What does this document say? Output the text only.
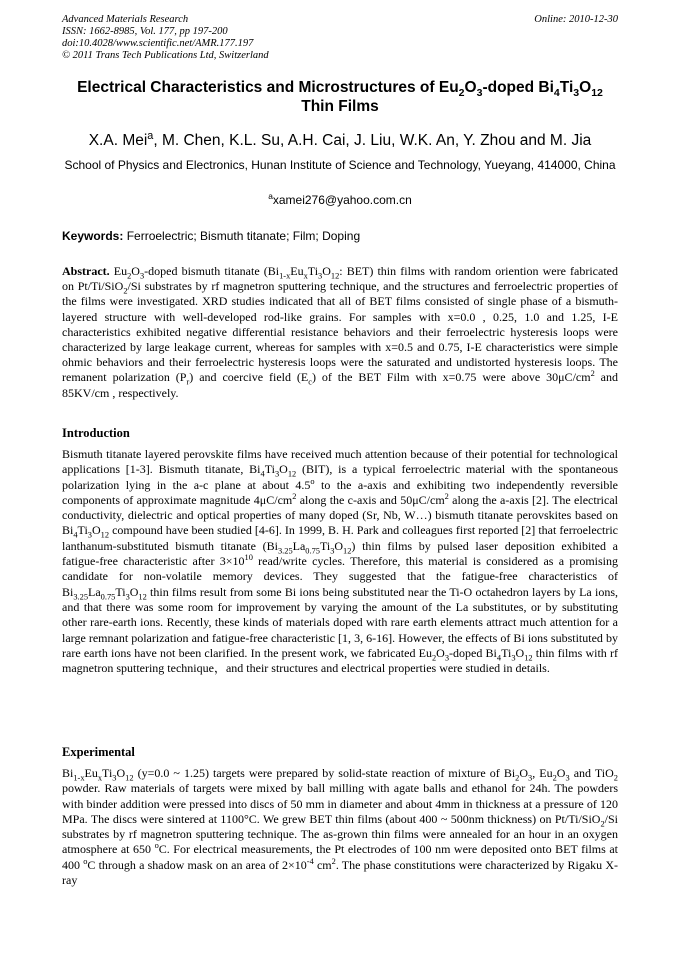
Advanced Materials Research
ISSN: 1662-8985, Vol. 177, pp 197-200
doi:10.4028/www.scientific.net/AMR.177.197
© 2011 Trans Tech Publications Ltd, Switzerland
Online: 2010-12-30
Electrical Characteristics and Microstructures of $Eu_2O_3$-doped $Bi_4Ti_3O_{12}$
Thin Films
X.A. Mei$^a$, M. Chen, K.L. Su, A.H. Cai, J. Liu, W.K. An, Y. Zhou and M. Jia
School of Physics and Electronics, Hunan Institute of Science and Technology, Yueyang, 414000, China
$^a$xamei276@yahoo.com.cn
Keywords: Ferroelectric; Bismuth titanate; Film; Doping
Abstract. $Eu_2O_3$-doped bismuth titanate ($Bi_{1-x}Eu_xTi_3O_{12}$: BET) thin films with random oriention were fabricated on Pt/Ti/SiO$_2$/Si substrates by rf magnetron sputtering technique, and the structures and ferroelectric properties of the films were investigated. XRD studies indicated that all of BET films consisted of single phase of a bismuth-layered structure with well-developed rod-like grains. For samples with x=0.0 , 0.25, 1.0 and 1.25, I-E characteristics exhibited negative differential resistance behaviors and their ferroelectric hysteresis loops were characterized by large leakage current, whereas for samples with x=0.5 and 0.75, I-E characteristics were simple ohmic behaviors and their ferroelectric hysteresis loops were the saturated and undistorted hysteresis loops. The remanent polarization $(P_r)$ and coercive field $(E_c)$ of the BET Film with x=0.75 were above $30\mu C/cm^2$ and 85KV/cm , respectively.
Introduction
Bismuth titanate layered perovskite films have received much attention because of their potential for technological applications [1-3]. Bismuth titanate, $Bi_4Ti_3O_{12}$ (BIT), is a typical ferroelectric material with the spontaneous polarization lying in the a-c plane at about 4.5$^o$ to the a-axis and exhibiting two independently reversible components of approximate magnitude $4\mu C/cm^2$ along the c-axis and $50\mu C/cm^2$ along the a-axis [2]. The electrical conductivity, dielectric and optical properties of many doped (Sr, Nb, W…) bismuth titanate perovskites based on $Bi_4Ti_3O_{12}$ compound have been studied [4-6]. In 1999, B. H. Park and colleagues first reported [2] that ferroelectric lanthanum-substituted bismuth titanate $(Bi_{3.25}La_{0.75}Ti_3O_{12})$ thin films by pulsed laser deposition exhibited a fatigue-free characteristic after $3\times 10^{10}$ read/write cycles. Therefore, this material is considered as a promising candidate for non-volatile memory devices. They suggested that the fatigue-free characteristics of $Bi_{3.25}La_{0.75}Ti_3O_{12}$ thin films result from some Bi ions being substituted near the Ti-O octahedron layers by La ions, and that there was some room for improvement by varying the amount of the La substitutes, or by substituting other rare-earth ions. Recently, these kinds of materials doped with rare earth elements attract much attention for a large remnant polarization and fatigue-free characteristic [1, 3, 6-16]. However, the effects of Bi ions substituted by rare earth ions have not been clarified. In the present work, we fabricated $Eu_2O_3$-doped $Bi_4Ti_3O_{12}$ thin films with rf magnetron sputtering technique，and their structures and electrical properties were studied in details.
Experimental
$Bi_{1-x}Eu_xTi_3O_{12}$ (y=0.0 ~ 1.25) targets were prepared by solid-state reaction of mixture of $Bi_2O_3$, $Eu_2O_3$ and TiO$_2$ powder. Raw materials of targets were mixed by ball milling with agate balls and ethanol for 24h. The powders with binder addition were pressed into discs of 50 mm in diameter and about 4mm in thickness at a pressure of 120 MPa. The discs were sintered at 1100°C. We grew BET thin films (about 400 ~ 500nm thickness) on Pt/Ti/SiO$_2$/Si substrates by rf magnetron sputtering technique. The as-grown thin films were annealed for an hour in an oxygen atmosphere at 650 $^o$C. For electrical measurements, the Pt electrodes of 100 nm were deposited onto BET films at 400 $^o$C through a shadow mask on an area of $2\times 10^{-4}$ $cm^2$. The phase constitutions were characterized by Rigaku X-ray
